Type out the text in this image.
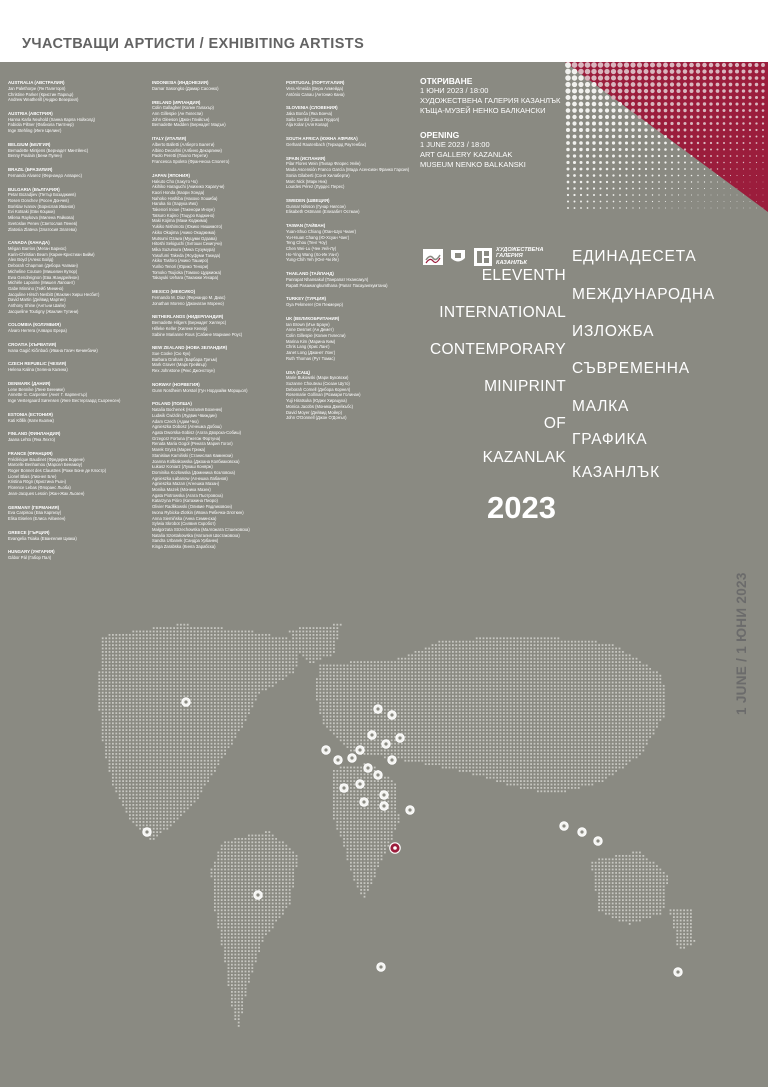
УЧАСТВАЩИ АРТИСТИ / EXHIBITING ARTISTS
AUSTRALIA (АВСТРАЛИЯ)
Jan Palethorpe (Ян Палеторп)
Christine Parker (Кристин Паркър)
Andrew Weatherill (Андрю Везерхил)
AUSTRIA (АВСТРИЯ)
Hanna Karla Neuhold (Ханна Карла Нойхолд)
Fabiola Piltner (Фабиола Пилтнер)
Inge Stehling (Инге Щелинг)
BELGIUM (БЕЛГИЯ)
Bernadette Mintjens (Бернадет Минтйенс)
Benny Poulain (Бени Пулен)
BRAZIL (БРАЗИЛИЯ)
Fernando Alvarez (Фернандо Алварес)
BULGARIA (БЪЛГАРИЯ)
Petar Bozadjiev (Петър Бозаджиев)
Rosen Donchev (Росен Дончев)
Borislav Ivanov (Борислав Иванов)
Evi Kotsaki (Еви Коцаки)
Milena Raykova (Милена Райкова)
Svetoslav Penev (Светослав Пенев)
Zlatosia Zlateva (Златосия Златева)
CANADA (КАНАДА)
Mégan Barrios (Меган Бариос)
Karin-Christian Beam (Карин-Кристиан Бийм)
Alex Boyd (Алекс Бойд)
Deborah Chapman (Дебора Чапман)
Micheline Couture (Мишелин Кутюр)
Ewa Gendreignon (Ева Жандрейнон)
Michèle Lapointe (Мишел Лапоант)
Gabe Minnino (Гейб Минино)
Jacquline Hirsch Nesbitt (Жаклин Хирш Несбит)
David Martin (Дейвид Мартин)
Anthony Shine (Антъни Шайн)
Jacqueline Toutigny (Жаклин Тутини)
COLOMBIA (КОЛУМБИЯ)
Alvaro Herrera (Алваро Ерера)
CROATIA (ХЪРВАТИЯ)
Ivana Gagić Kičinbaći (Ивана Гагич Кичинбачи)
CZECH REPUBLIC (ЧЕХИЯ)
Helena Kalina (Хелена Калина)
DENMARK (ДАНИЯ)
Lene Bennike (Лене Беннике)
Annette G. Carpenter (Анет Г. Карпентър)
Inge Vestergaard Sørensen (Инге Вестергаард Сьоренсен)
ESTONIA (ЕСТОНИЯ)
Kati Kõllik (Кати Кьолик)
FINLAND (ФИНЛАНДИЯ)
Jaana Lehto (Яна Лехто)
FRANCE (ФРАНЦИЯ)
Frédérique Baudinet (Фредерик Боденe)
Marcelle Benhamou (Марсел Бенамоу)
Roger Bonnet des Claustres (Роже Боне де Клостр)
Lionel Blais (Лионел Бле)
Kristina Rögn (Кристина Рьон)
Florence Lebas (Флоранс Льоба)
Jean-Jacques Lesoin (Жан-Жак Льозен)
GERMANY (ГЕРМАНИЯ)
Eva Carpisou (Ева Карпизу)
Elisa Eiselen (Елиса Айзелен)
GREECE (ГЪРЦИЯ)
Evangelia Tsiaka (Евангелия Циака)
HUNGARY (УНГАРИЯ)
Gábor Pál (Габор Пал)
INDONESIA (ИНДОНЕЗИЯ)
Damar Sasongko (Дамар Сасонко)
IRELAND (ИРЛАНДИЯ)
Colin Gallagher (Колин Галахър)
Ann Gillespie (Ан Гилеспи)
John Gleeson (Джон Глийсън)
Bernadette Madden (Бернадет Мадън)
ITALY (ИТАЛИЯ)
Alberto Balletti (Алберто Балети)
Albino Decarlini (Албино Декарлини)
Paolo Peretti (Паоло Перети)
Francesca Spoleto (Франческа Сполето)
JAPAN (ЯПОНИЯ)
Hakuto Cho (Хакуто Чо)
Akihiko Haraguchi (Акихико Харагучи)
Kaori Honda (Каори Хонда)
Nahoko Hoshiba (Нахоко Хошиба)
Haruka Iio (Харука Иио)
Takenori Inoue (Такенори Иноуе)
Tatsuro Kajino (Тацуро Каджино)
Maki Kojima (Маки Коджима)
Yukiko Nishimoto (Юкико Нишимото)
Akiko Okajima (Акико Окаджима)
Mutsumi Ozawa (Муцуми Одзава)
Hitoshi Sekiguchi (Хитоши Секигучи)
Mika Suzumura (Мика Сузумура)
Yasufumi Takeda (Ясуфуми Такеда)
Akiko Tashiro (Акико Таширо)
Yuriko Tenori (Юрико Тенори)
Tomoko Tsujioka (Томоко Цуджиока)
Takayuki Uehara (Такаюки Уехара)
MEXICO (МЕКСИКО)
Fernando M. Diaz (Фернандо М. Диас)
Jonathan Moreno (Джонатан Морено)
NETHERLANDS (НИДЕРЛАНДИЯ)
Bernadette Hilgers (Бернадет Хилгерс)
Hilleke Keller (Хилеке Келер)
Sabine Marianne Rous (Сабине Мариане Роус)
NEW ZEALAND (НОВА ЗЕЛАНДИЯ)
Sue Cooke (Сю Кук)
Barbara Graham (Барбара Греъм)
Mark Graver (Марк Грейвър)
Rex Johnstone (Рекс Джонстоун)
NORWAY (НОРВЕГИЯ)
Gunn Nordheim Morstøl (Гун Нордхайм Морщьол)
POLAND (ПОЛША)
Natalia Bochenek (Наталия Бохенек)
Ludwik Ćwiżdin (Лудвик Чвиждин)
Adam Czech (Адам Чех)
Agnieszka Dobosz (Агнешка Добош)
Agata Dworska-Sobisz (Агата Дворска-Собиш)
Grzegorz Fortuna (Гжегож Фортуна)
Renata Maria Gogol (Рената Мария Гогол)
Marek Gryza (Марек Грижа)
Stanisław Kamiński (Станислав Камински)
Joanna Kolbiakowska (Джоана Колбиаковска)
Łukasz Koniarz (Лукаш Конярж)
Dominika Kozłowska (Доминика Козловска)
Agnieszka Łabanow (Агнешка Лабанов)
Agnieszka Mazan (Агнешка Мазан)
Monika Mazek (Моника Мазек)
Agata Piotrowska (Агата Пьотровска)
Katarzyna Pióro (Катажина Пиоро)
Olivier Radłikowski (Оливие Радликовски)
Iwona Rybicka-Zlotkin (Ивона Рибичка-Злоткин)
Anna Siemińska (Анна Семинска)
Sylwia Skrobot (Силвия Скробот)
Małgorzata Strzechowska (Малгожата Стшеховска)
Natalia Szostakowska (Наталия Шостаковска)
Sandra Urbanek (Сандра Урбанек)
Kinga Zarabska (Кинга Зарабска)
PORTUGAL (ПОРТУГАЛИЯ)
Vera Almeida (Вера Алмейда)
António Canau (Антонио Кана)
SLOVENIA (СЛОВЕНИЯ)
Jaka Bonča (Яка Бонча)
Saša Gerdol (Саша Гердол)
Alja Kolar (Аля Колар)
SOUTH AFRICA (ЮЖНА АФРИКА)
Gerhard Rautenbach (Герхард Раутенбах)
SPAIN (ИСПАНИЯ)
Pilar Flores Wein (Пилар Флорес Уейн)
Mada Ascensión Franco García (Мада Асенсион Франко Гарсия)
Sonia Gilaberti (Соня Хилаберти)
Marc Nick (Марк Ник)
Lourdes Pérez (Лурдес Перес)
SWEDEN (ШВЕЦИЯ)
Gunnar Nilsson (Гунар Нилсон)
Elisabeth Ostmann (Елизабет Остман)
TAIWAN (ТАЙВАН)
Yuan-Shuo Chiang (Юан-Шуо Чианг)
Yu-Hsuan Chang (Ю-Хсуан Чанг)
Teng Chou (Тенг Чоу)
Chen Wei-Lu (Чен Уей-Лу)
Ho-Ying Wang (Хо-Ин Уанг)
Yung-Chih Yeh (Юнг-Чи Йе)
THAILAND (ТАЙЛАНД)
Panrapat Nhansakul (Панрапат Нхансакул)
Rapatt Pasawangkumthana (Рапат Пасауангкумтана)
TURKEY (ТУРЦИЯ)
Oya Pekmerer (Оя Пекмерер)
UK (ВЕЛИКОБРИТАНИЯ)
Ian Brown (Иън Браун)
Anne Desmet (Ан Демет)
Colin Gillespie (Колин Гилеспи)
Marina Kim (Марина Ким)
Chris Lang (Крис Ланг)
Janet Long (Джанет Лонг)
Ruth Thomas (Рут Томас)
USA (САЩ)
Marie Bukowski (Мари Буковски)
Suzanne Chouteau (Сюзан Шуто)
Deborah Cornell (Дебора Корнел)
Rosemarie Gollinan (Розмари Голинан)
Yuji Hiratsuka (Юджи Хирацука)
Monica Jacobs (Моника Джейкъбс)
David Moyer (Дейвид Мойер)
John O'Donnell (Джон О'Донъл)
ОТКРИВАНЕ
1 ЮНИ 2023 / 18:00
ХУДОЖЕСТВЕНА ГАЛЕРИЯ КАЗАНЛЪК
КЪЩА-МУЗЕЙ НЕНКО БАЛКАНСКИ
OPENING
1 JUNE 2023 / 18:00
ART GALLERY KAZANLAK
MUSEUM NENKO BALKANSKI
ХУДОЖЕСТВЕНА
ГАЛЕРИЯ
КАЗАНЛЪК
ELEVENTH
INTERNATIONAL
CONTEMPORARY
MINIPRINT
OF
KAZANLAK
ЕДИНАДЕСЕТА
МЕЖДУНАРОДНА
ИЗЛОЖБА
СЪВРЕМЕННА
МАЛКА
ГРАФИКА
КАЗАНЛЪК
2023
1 JUNE / 1 ЮНИ 2023
